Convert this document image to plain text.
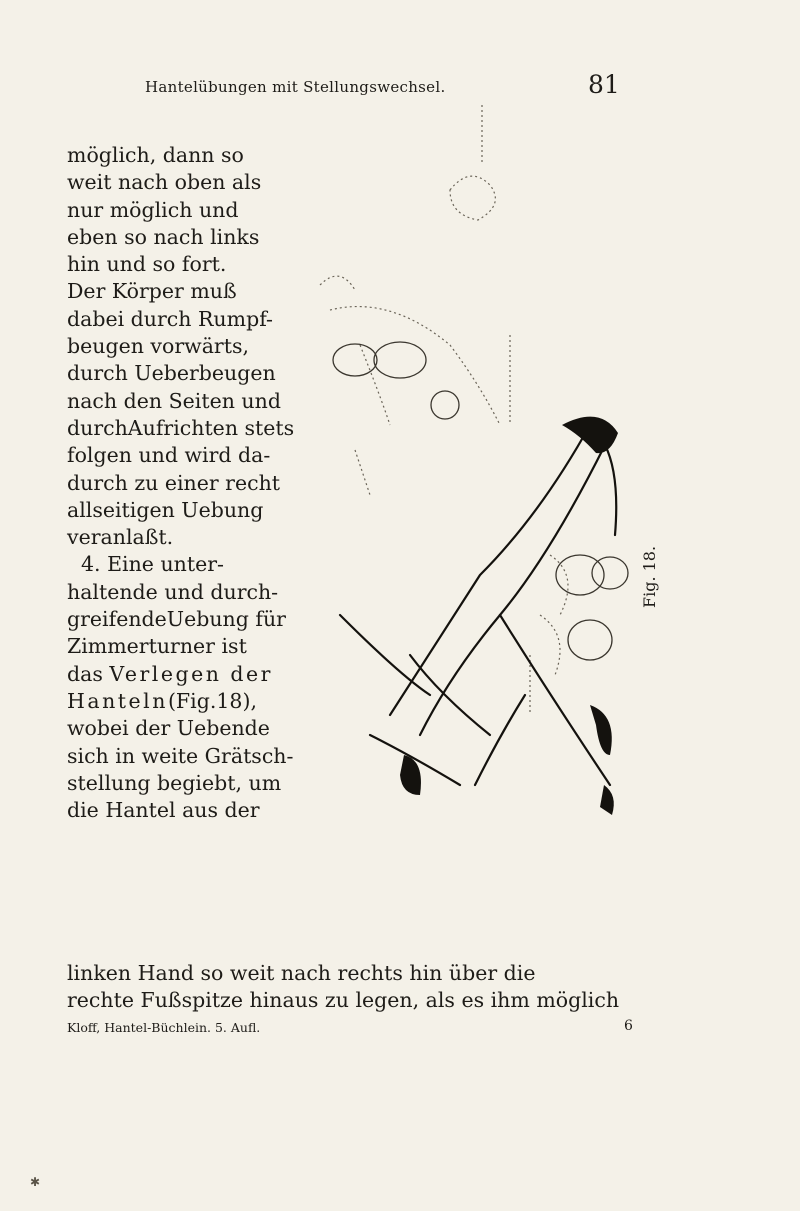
Hantelübungen mit Stellungswechsel.	81
möglich, dann so
weit nach oben als
nur möglich und
eben so nach links
hin und so fort.
Der Körper muß
dabei durch Rumpf-
beugen vorwärts,
durch Ueberbeugen
nach den Seiten und
durchAufrichten stets
folgen und wird da-
durch zu einer recht
allseitigen Uebung
veranlaßt.
4. Eine unter-
haltende und durch-
greifendeUebung für
Zimmerturner ist
das Verlegen der
Hanteln(Fig.18),
wobei der Uebende
sich in weite Grätsch-
stellung begiebt, um
die Hantel aus der
linken Hand so weit nach rechts hin über die
rechte Fußspitze hinaus zu legen, als es ihm möglich
Kloff, Hantel-Büchlein. 5. Aufl.	6
Fig. 18.
✱
